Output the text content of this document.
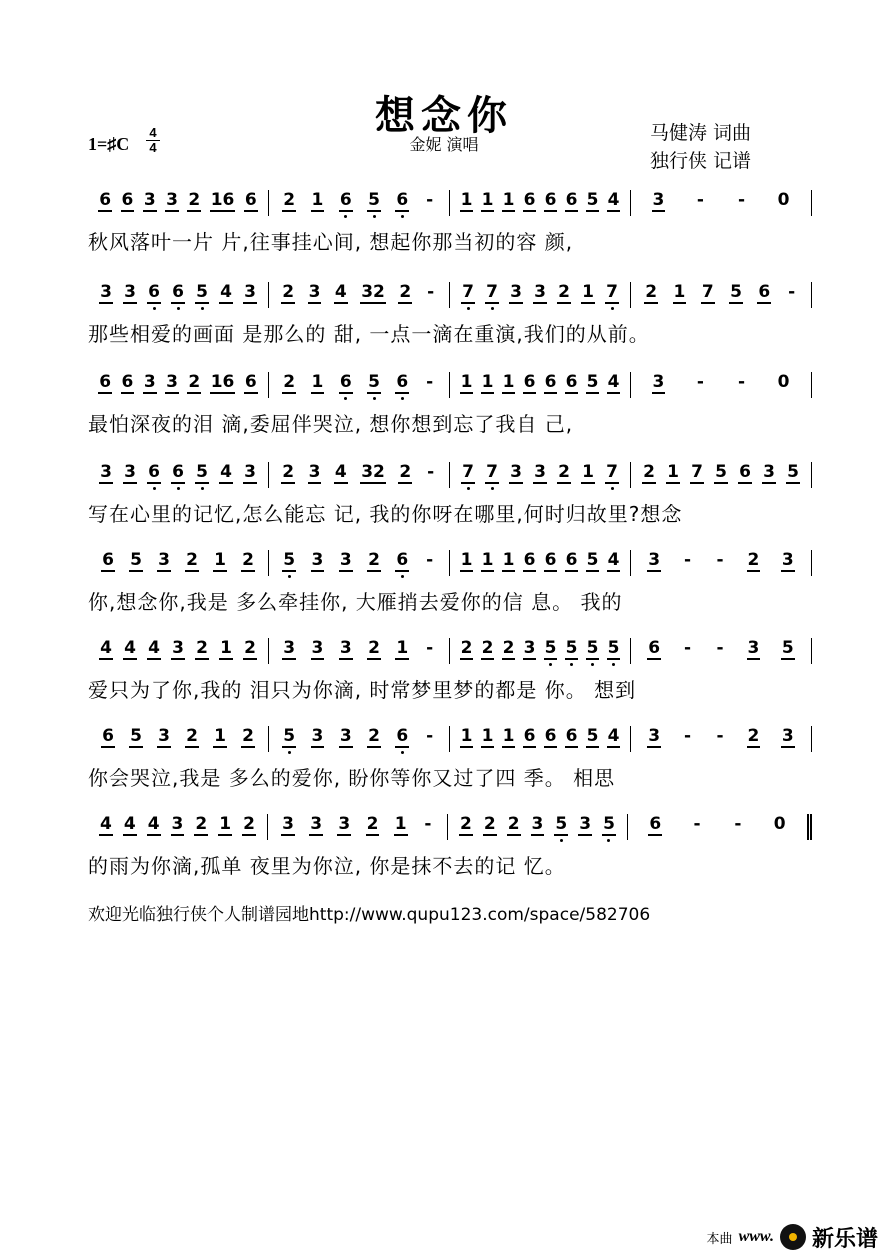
想念你
金妮 演唱
1=♯C
4
4
马健涛 词曲
独行侠 记谱
6 6 3 3 2 16 6 2 1 6 5 6 - 1 1 1 6 6 6 5 4 3 - - 0
秋风落叶一片 片,往事挂心间, 想起你那当初的容 颜,
3 3 6 6 5 4 3 2 3 4 32 2 - 7 7 3 3 2 1 7 2 1 7 5 6 -
那些相爱的画面 是那么的 甜, 一点一滴在重演,我们的从前。
6 6 3 3 2 16 6 2 1 6 5 6 - 1 1 1 6 6 6 5 4 3 - - 0
最怕深夜的泪 滴,委屈伴哭泣, 想你想到忘了我自 己,
3 3 6 6 5 4 3 2 3 4 32 2 - 7 7 3 3 2 1 7 2 1 7 5 6 3 5
写在心里的记忆,怎么能忘 记, 我的你呀在哪里,何时归故里?想念
6 5 3 2 1 2 5 3 3 2 6 - 1 1 1 6 6 6 5 4 3 - - 2 3
你,想念你,我是 多么牵挂你, 大雁捎去爱你的信 息。 我的
4 4 4 3 2 1 2 3 3 3 2 1 - 2 2 2 3 5 5 5 5 6 - - 3 5
爱只为了你,我的 泪只为你滴, 时常梦里梦的都是 你。 想到
6 5 3 2 1 2 5 3 3 2 6 - 1 1 1 6 6 6 5 4 3 - - 2 3
你会哭泣,我是 多么的爱你, 盼你等你又过了四 季。 相思
4 4 4 3 2 1 2 3 3 3 2 1 - 2 2 2 3 5 3 5 6 - - 0
的雨为你滴,孤单 夜里为你泣, 你是抹不去的记 忆。
欢迎光临独行侠个人制谱园地http://www.qupu123.com/space/582706
本曲 www. 新乐谱
